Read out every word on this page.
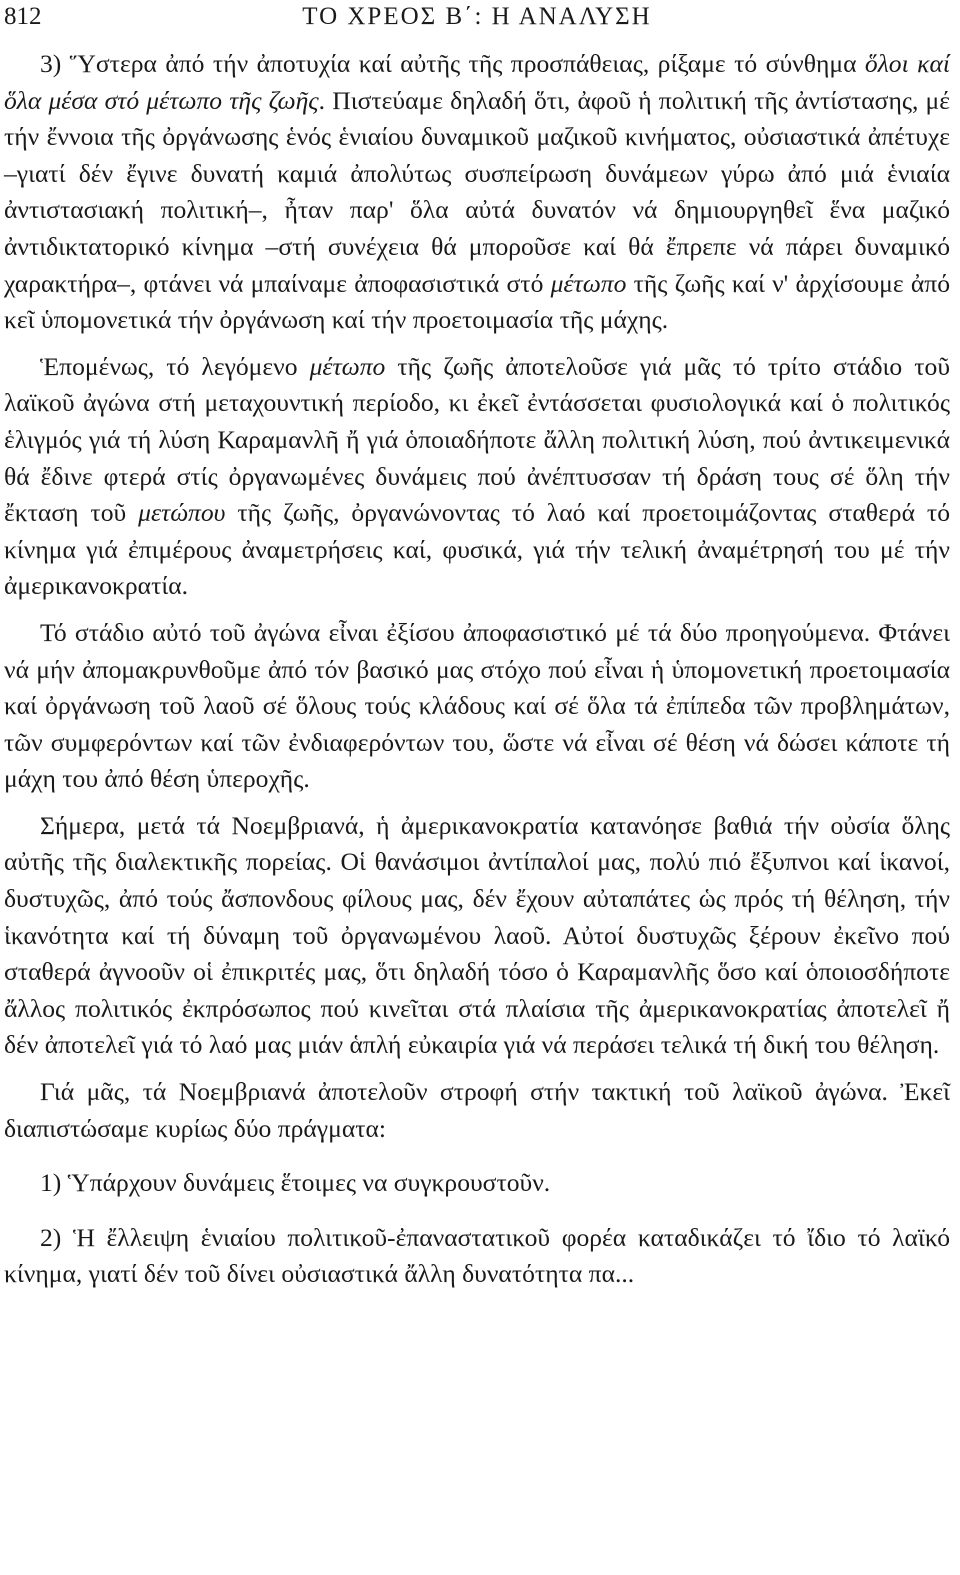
812	ΤΟ ΧΡΕΟΣ Β΄: Η ΑΝΑΛΥΣΗ

3) Ὕστερα ἀπό τήν ἀποτυχία καί αὐτῆς τῆς προσπάθειας, ρίξαμε τό σύνθημα ὅλοι καί ὅλα μέσα στό μέτωπο τῆς ζωῆς. Πιστεύαμε δηλαδή ὅτι, ἀφοῦ ἡ πολιτική τῆς ἀντίστασης, μέ τήν ἔννοια τῆς ὀργάνωσης ἑνός ἑνιαίου δυναμικοῦ μαζικοῦ κινήματος, οὐσιαστικά ἀπέτυχε –γιατί δέν ἔγινε δυνατή καμιά ἀπολύτως συσπείρωση δυνάμεων γύρω ἀπό μιά ἑνιαία ἀντιστασιακή πολιτική–, ἦταν παρ' ὅλα αὐτά δυνατόν νά δημιουργηθεῖ ἕνα μαζικό ἀντιδικτατορικό κίνημα –στή συνέχεια θά μποροῦσε καί θά ἔπρεπε νά πάρει δυναμικό χαρακτήρα–, φτάνει νά μπαίναμε ἀποφασιστικά στό μέτωπο τῆς ζωῆς καί ν' ἀρχίσουμε ἀπό κεῖ ὑπομονετικά τήν ὀργάνωση καί τήν προετοιμασία τῆς μάχης.

Ἑπομένως, τό λεγόμενο μέτωπο τῆς ζωῆς ἀποτελοῦσε γιά μᾶς τό τρίτο στάδιο τοῦ λαϊκοῦ ἀγώνα στή μεταχουντική περίοδο, κι ἐκεῖ ἐντάσσεται φυσιολογικά καί ὁ πολιτικός ἑλιγμός γιά τή λύση Καραμανλῆ ἤ γιά ὁποιαδήποτε ἄλλη πολιτική λύση, πού ἀντικειμενικά θά ἔδινε φτερά στίς ὀργανωμένες δυνάμεις πού ἀνέπτυσσαν τή δράση τους σέ ὅλη τήν ἔκταση τοῦ μετώπου τῆς ζωῆς, ὀργανώνοντας τό λαό καί προετοιμάζοντας σταθερά τό κίνημα γιά ἐπιμέρους ἀναμετρήσεις καί, φυσικά, γιά τήν τελική ἀναμέτρησή του μέ τήν ἀμερικανοκρατία.

Τό στάδιο αὐτό τοῦ ἀγώνα εἶναι ἐξίσου ἀποφασιστικό μέ τά δύο προηγούμενα. Φτάνει νά μήν ἀπομακρυνθοῦμε ἀπό τόν βασικό μας στόχο πού εἶναι ἡ ὑπομονετική προετοιμασία καί ὀργάνωση τοῦ λαοῦ σέ ὅλους τούς κλάδους καί σέ ὅλα τά ἐπίπεδα τῶν προβλημάτων, τῶν συμφερόντων καί τῶν ἐνδιαφερόντων του, ὥστε νά εἶναι σέ θέση νά δώσει κάποτε τή μάχη του ἀπό θέση ὑπεροχῆς.

Σήμερα, μετά τά Νοεμβριανά, ἡ ἀμερικανοκρατία κατανόησε βαθιά τήν οὐσία ὅλης αὐτῆς τῆς διαλεκτικῆς πορείας. Οἱ θανάσιμοι ἀντίπαλοί μας, πολύ πιό ἔξυπνοι καί ἱκανοί, δυστυχῶς, ἀπό τούς ἄσπονδους φίλους μας, δέν ἔχουν αὐταπάτες ὡς πρός τή θέληση, τήν ἱκανότητα καί τή δύναμη τοῦ ὀργανωμένου λαοῦ. Αὐτοί δυστυχῶς ξέρουν ἐκεῖνο πού σταθερά ἀγνοοῦν οἱ ἐπικριτές μας, ὅτι δηλαδή τόσο ὁ Καραμανλῆς ὅσο καί ὁποιοσδήποτε ἄλλος πολιτικός ἐκπρόσωπος πού κινεῖται στά πλαίσια τῆς ἀμερικανοκρατίας ἀποτελεῖ ἤ δέν ἀποτελεῖ γιά τό λαό μας μιάν ἁπλή εὐκαιρία γιά νά περάσει τελικά τή δική του θέληση.

Γιά μᾶς, τά Νοεμβριανά ἀποτελοῦν στροφή στήν τακτική τοῦ λαϊκοῦ ἀγώνα. Ἐκεῖ διαπιστώσαμε κυρίως δύο πράγματα:

1) Ὑπάρχουν δυνάμεις ἕτοιμες να συγκρουστοῦν.

2) Ἡ ἔλλειψη ἑνιαίου πολιτικοῦ-ἐπαναστατικοῦ φορέα καταδικάζει τό ἴδιο τό λαϊκό κίνημα, γιατί δέν τοῦ δίνει οὐσιαστικά ἄλλη δυνατότητα πα...
